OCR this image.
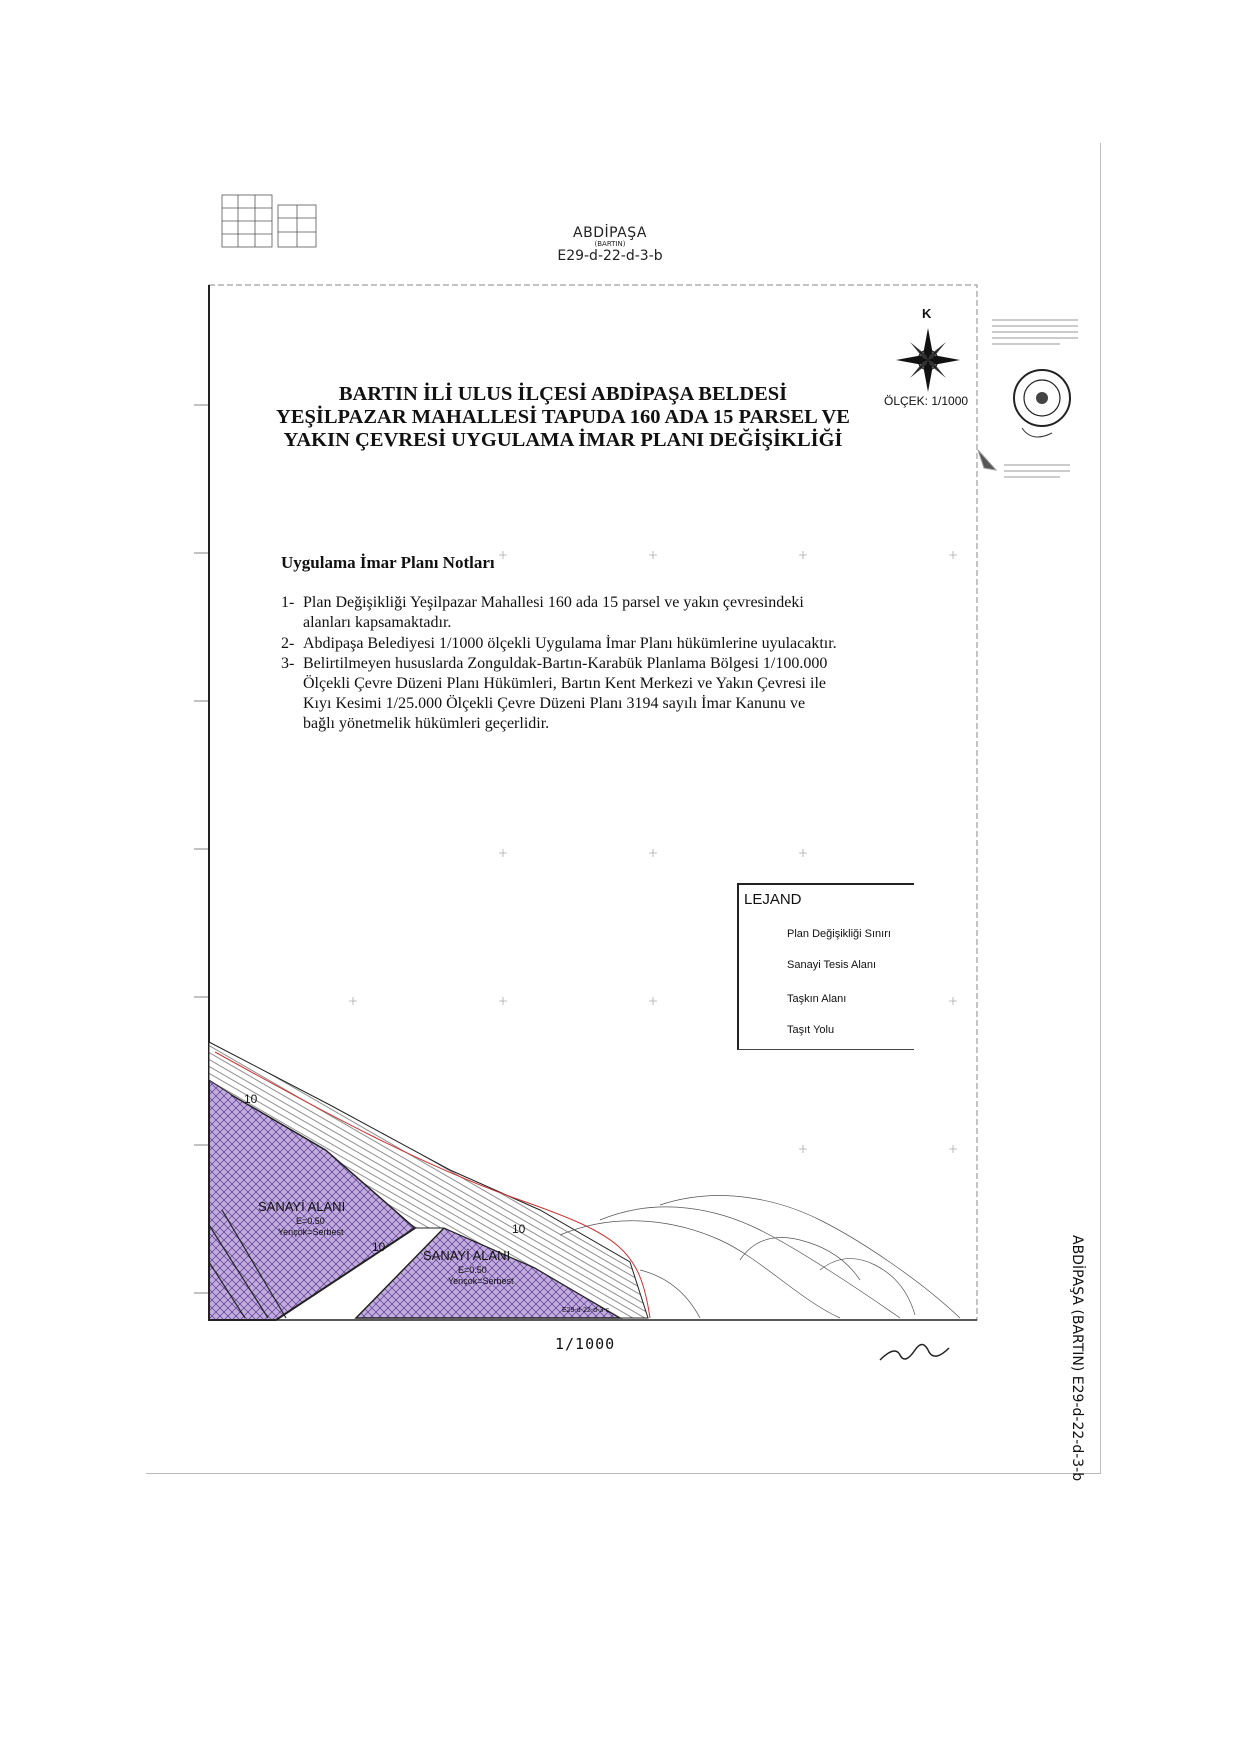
ABDİPAŞA
(BARTIN)
E29-d-22-d-3-b
BARTIN İLİ ULUS İLÇESİ ABDİPAŞA BELDESİ
YEŞİLPAZAR MAHALLESİ TAPUDA 160 ADA 15 PARSEL VE
YAKIN ÇEVRESİ UYGULAMA İMAR PLANI DEĞİŞİKLİĞİ
K
ÖLÇEK: 1/1000
Uygulama İmar Planı Notları
1- Plan Değişikliği Yeşilpazar Mahallesi 160 ada 15 parsel ve yakın çevresindeki alanları kapsamaktadır.
2- Abdipaşa Belediyesi 1/1000 ölçekli Uygulama İmar Planı hükümlerine uyulacaktır.
3- Belirtilmeyen hususlarda Zonguldak-Bartın-Karabük Planlama Bölgesi 1/100.000 Ölçekli Çevre Düzeni Planı Hükümleri, Bartın Kent Merkezi ve Yakın Çevresi ile Kıyı Kesimi 1/25.000 Ölçekli Çevre Düzeni Planı 3194 sayılı İmar Kanunu ve bağlı yönetmelik hükümleri geçerlidir.
LEJAND
Plan Değişikliği Sınırı
Sanayi Tesis Alanı
Taşkın Alanı
Taşıt Yolu
SANAYİ ALANI
E=0.50
Yençok=Serbest
SANAYİ ALANI
E=0.50
Yençok=Serbest
10
10
10
E29-d-22-d-3-c
1/1000	ABDİPAŞA (BARTIN) E29-d-22-d-3-b
